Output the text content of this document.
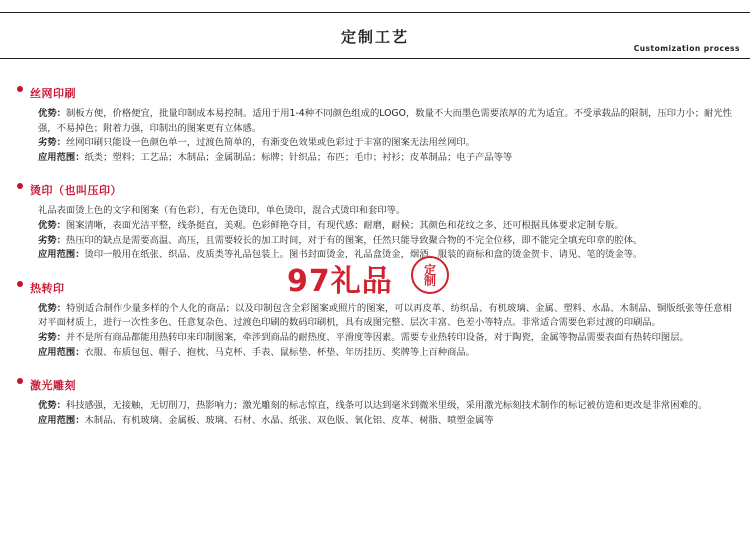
定制工艺
Customization process
丝网印刷
优势：制板方便，价格便宜，批量印制成本易控制。适用于用1-4种不同颜色组成的LOGO，数量不大而墨色需要浓厚的尤为适宜。不受承载品的限制，压印力小；耐光性强，不易掉色；附着力强，印制出的图案更有立体感。
劣势：丝网印刷只能设一色颜色单一，过渡色简单的，有渐变色效果或色彩过于丰富的图案无法用丝网印。
应用范围：纸类；塑料；工艺品；木制品；金属制品；标牌；针织品；布匹；毛巾；衬衫；皮革制品；电子产品等等
烫印（也叫压印）
礼品表面烫上色的文字和图案（有色彩），有无色烫印，单色烫印，混合式烫印和套印等。
优势：图案清晰，表面光洁平整，线条挺直，美观。色彩鲜艳夺目，有现代感；耐磨，耐候；其颜色和花纹之多，还可根据具体要求定制专版。
劣势：热压印的缺点是需要高温、高压，且需要较长的加工时间，对于有的图案，任然只能导致聚合物的不完全位移，即不能完全填充印章的腔体。
应用范围：烫印一般用在纸张、织品、皮质类等礼品包装上。图书封面烫金，礼品盒烫金，烟酒、服装的商标和盒的烫金贺卡、请见、笔的烫金等。
热转印
优势：特别适合制作少量多样的个人化的商品；以及印制包含全彩图案或照片的图案，可以再皮革、纺织品、有机玻璃、金属、塑料、水晶、木制品、铜版纸张等任意相对平面材质上，进行一次性多色、任意复杂色、过渡色印刷的数码印刷机，具有成图完整、层次丰富、色差小等特点。非常适合需要色彩过渡的印刷品。
劣势：并不是所有商品都能用热转印来印制图案，牵涉到商品的耐热度、平滑度等因素。需要专业热转印设备，对于陶瓷，金属等物品需要表面有热转印图层。
应用范围：衣服、布质包包、帽子、抱枕、马克杯、手表、鼠标垫、杯垫、年历挂历、奖牌等上百种商品。
激光雕刻
优势：科技感强，无接触，无切削刀，热影响力；激光雕刻的标志惊直，线条可以达到毫米到微米里级，采用激光标刻技术制作的标记被仿造和更改是非常困难的。
应用范围：木制品、有机玻璃、金属板、玻璃、石材、水晶、纸张、双色版、氧化铝、皮革、树脂、喷塑金属等
97礼品	定
制
